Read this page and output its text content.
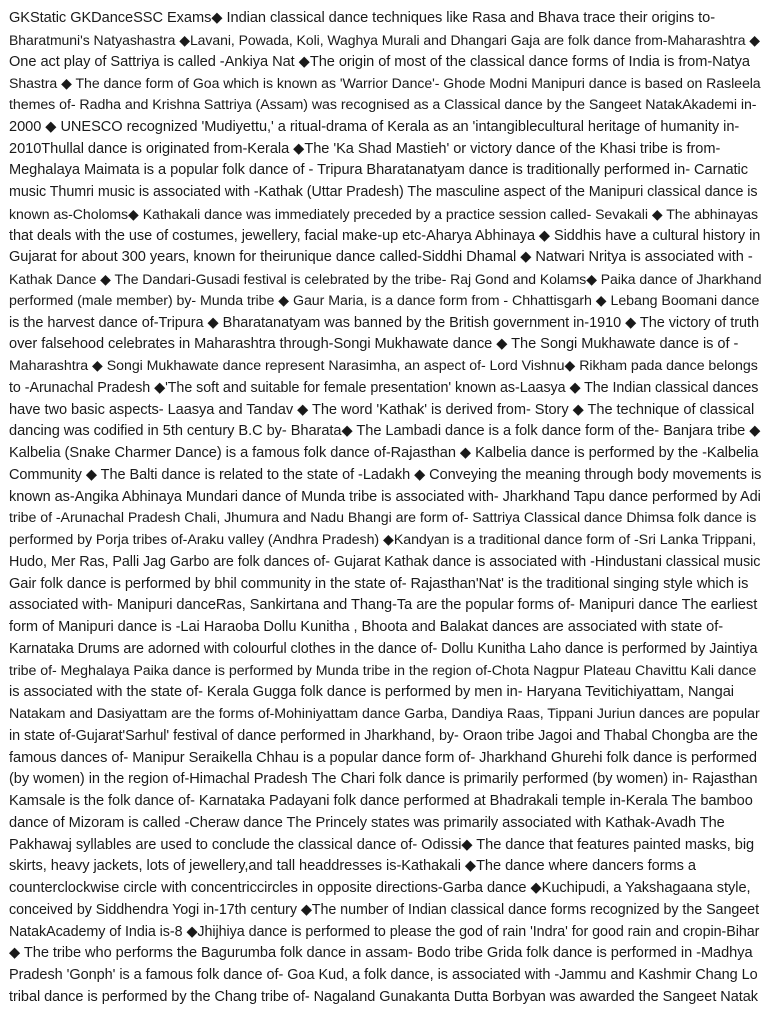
GKStatic GKDanceSSC Exams◆ Indian classical dance techniques like Rasa and Bhava trace their origins to-
Bharatmuni's Natyashastra ◆Lavani, Powada, Koli, Waghya Murali and Dhangari Gaja are folk dance from-Maharashtra ◆
One act play of Sattriya is called -Ankiya Nat ◆The origin of most of the classical dance forms of India is from-Natya
Shastra ◆ The dance form of Goa which is known as 'Warrior Dance'- Ghode Modni Manipuri dance is based on Rasleela
themes of- Radha and Krishna Sattriya (Assam) was recognised as a Classical dance by the Sangeet NatakAkademi in-
2000 ◆ UNESCO recognized 'Mudiyettu,' a ritual-drama of Kerala as an 'intangiblecultural heritage of humanity in-
2010Thullal dance is originated from-Kerala ◆The 'Ka Shad Mastieh' or victory dance of the Khasi tribe is from-
Meghalaya Maimata is a popular folk dance of - Tripura Bharatanatyam dance is traditionally performed in- Carnatic
music Thumri music is associated with -Kathak (Uttar Pradesh) The masculine aspect of the Manipuri classical dance is
known as-Choloms◆ Kathakali dance was immediately preceded by a practice session called- Sevakali ◆ The abhinayas
that deals with the use of costumes, jewellery, facial make-up etc-Aharya Abhinaya ◆ Siddhis have a cultural history in
Gujarat for about 300 years, known for theirunique dance called-Siddhi Dhamal ◆ Natwari Nritya is associated with -
Kathak Dance ◆ The Dandari-Gusadi festival is celebrated by the tribe- Raj Gond and Kolams◆ Paika dance of Jharkhand
performed (male member) by- Munda tribe ◆ Gaur Maria, is a dance form from - Chhattisgarh ◆ Lebang Boomani dance
is the harvest dance of-Tripura ◆ Bharatanatyam was banned by the British government in-1910 ◆ The victory of truth
over falsehood celebrates in Maharashtra through-Songi Mukhawate dance ◆ The Songi Mukhawate dance is of -
Maharashtra ◆ Songi Mukhawate dance represent Narasimha, an aspect of- Lord Vishnu◆ Rikham pada dance belongs
to -Arunachal Pradesh ◆'The soft and suitable for female presentation' known as-Laasya ◆ The Indian classical dances
have two basic aspects- Laasya and Tandav ◆ The word 'Kathak' is derived from- Story ◆ The technique of classical
dancing was codified in 5th century B.C by- Bharata◆ The Lambadi dance is a folk dance form of the- Banjara tribe ◆
Kalbelia (Snake Charmer Dance) is a famous folk dance of-Rajasthan ◆ Kalbelia dance is performed by the -Kalbelia
Community ◆ The Balti dance is related to the state of -Ladakh ◆ Conveying the meaning through body movements is
known as-Angika Abhinaya Mundari dance of Munda tribe is associated with- Jharkhand Tapu dance performed by Adi
tribe of -Arunachal Pradesh Chali, Jhumura and Nadu Bhangi are form of- Sattriya Classical dance Dhimsa folk dance is
performed by Porja tribes of-Araku valley (Andhra Pradesh) ◆Kandyan is a traditional dance form of -Sri Lanka Trippani,
Hudo, Mer Ras, Palli Jag Garbo are folk dances of- Gujarat Kathak dance is associated with -Hindustani classical music
Gair folk dance is performed by bhil community in the state of- Rajasthan'Nat' is the traditional singing style which is
associated with- Manipuri danceRas, Sankirtana and Thang-Ta are the popular forms of- Manipuri dance The earliest
form of Manipuri dance is -Lai Haraoba Dollu Kunitha , Bhoota and Balakat dances are associated with state of-
Karnataka Drums are adorned with colourful clothes in the dance of- Dollu Kunitha Laho dance is performed by Jaintiya
tribe of- Meghalaya Paika dance is performed by Munda tribe in the region of-Chota Nagpur Plateau Chavittu Kali dance
is associated with the state of- Kerala Gugga folk dance is performed by men in- Haryana Tevitichiyattam, Nangai
Natakam and Dasiyattam are the forms of-Mohiniyattam dance Garba, Dandiya Raas, Tippani Juriun dances are popular
in state of-Gujarat'Sarhul' festival of dance performed in Jharkhand, by- Oraon tribe Jagoi and Thabal Chongba are the
famous dances of- Manipur Seraikella Chhau is a popular dance form of- Jharkhand Ghurehi folk dance is performed
(by women) in the region of-Himachal Pradesh The Chari folk dance is primarily performed (by women) in- Rajasthan
Kamsale is the folk dance of- Karnataka Padayani folk dance performed at Bhadrakali temple in-Kerala The bamboo
dance of Mizoram is called -Cheraw dance The Princely states was primarily associated with Kathak-Avadh The
Pakhawaj syllables are used to conclude the classical dance of- Odissi◆ The dance that features painted masks, big
skirts, heavy jackets, lots of jewellery,and tall headdresses is-Kathakali ◆The dance where dancers forms a
counterclockwise circle with concentriccircles in opposite directions-Garba dance ◆Kuchipudi, a Yakshagaana style,
conceived by Siddhendra Yogi in-17th century ◆The number of Indian classical dance forms recognized by the Sangeet
NatakAcademy of India is-8 ◆Jhijhiya dance is performed to please the god of rain 'Indra' for good rain and cropin-Bihar
◆ The tribe who performs the Bagurumba folk dance in assam- Bodo tribe Grida folk dance is performed in -Madhya
Pradesh 'Gonph' is a famous folk dance of- Goa Kud, a folk dance, is associated with -Jammu and Kashmir Chang Lo
tribal dance is performed by the Chang tribe of- Nagaland Gunakanta Dutta Borbyan was awarded the Sangeet Natak
